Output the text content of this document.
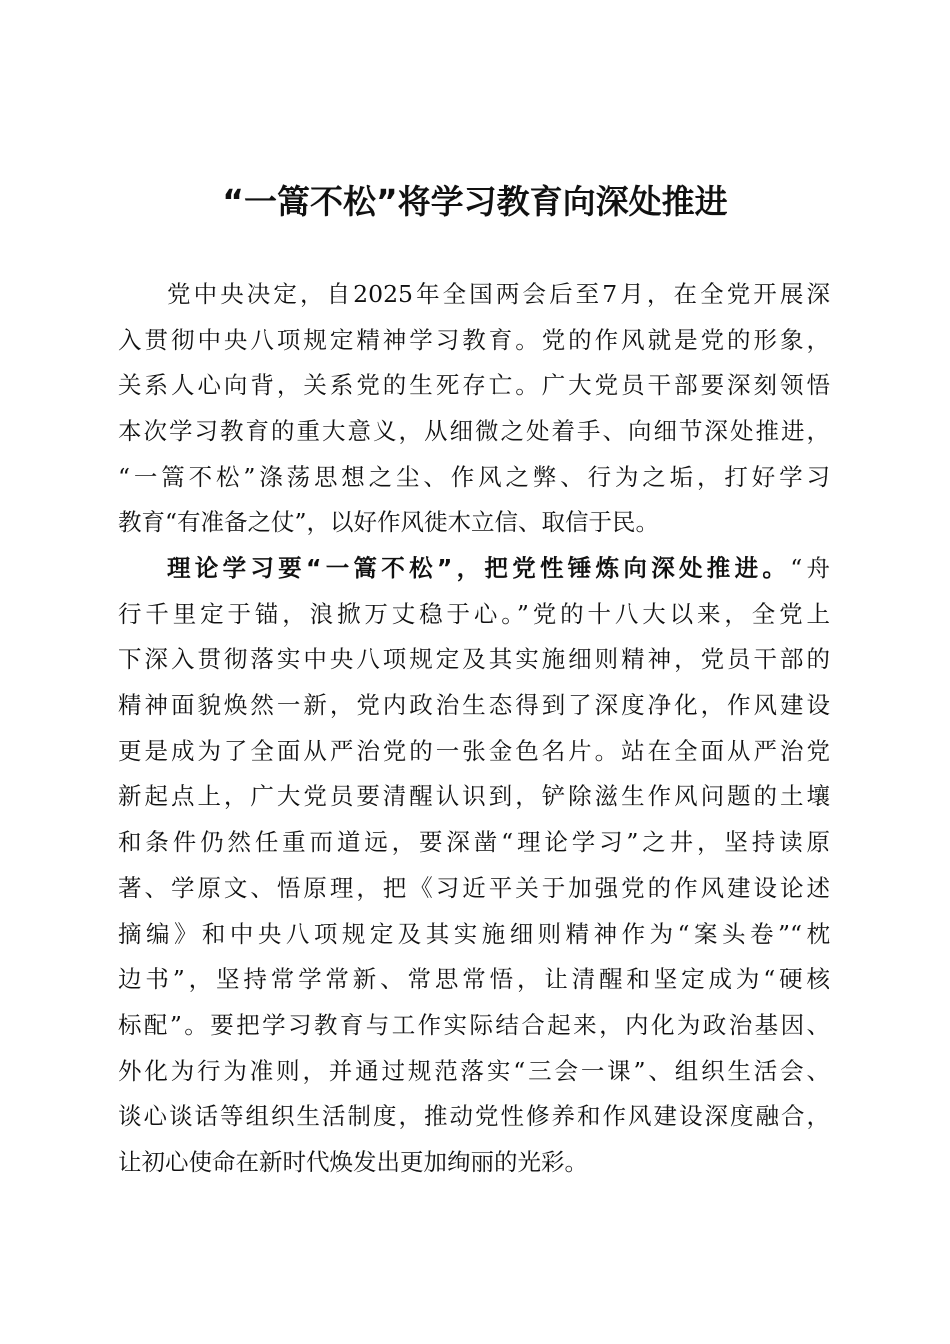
“一篙不松”将学习教育向深处推进
党中央决定，自2025年全国两会后至7月，在全党开展深
入贯彻中央八项规定精神学习教育。党的作风就是党的形象，
关系人心向背，关系党的生死存亡。广大党员干部要深刻领悟
本次学习教育的重大意义，从细微之处着手、向细节深处推进，
“一篙不松”涤荡思想之尘、作风之弊、行为之垢，打好学习
教育“有准备之仗”，以好作风徙木立信、取信于民。
理论学习要“一篙不松”，把党性锤炼向深处推进。“舟
行千里定于锚，浪掀万丈稳于心。”党的十八大以来，全党上
下深入贯彻落实中央八项规定及其实施细则精神，党员干部的
精神面貌焕然一新，党内政治生态得到了深度净化，作风建设
更是成为了全面从严治党的一张金色名片。站在全面从严治党
新起点上，广大党员要清醒认识到，铲除滋生作风问题的土壤
和条件仍然任重而道远，要深凿“理论学习”之井，坚持读原
著、学原文、悟原理，把《习近平关于加强党的作风建设论述
摘编》和中央八项规定及其实施细则精神作为“案头卷”“枕
边书”，坚持常学常新、常思常悟，让清醒和坚定成为“硬核
标配”。要把学习教育与工作实际结合起来，内化为政治基因、
外化为行为准则，并通过规范落实“三会一课”、组织生活会、
谈心谈话等组织生活制度，推动党性修养和作风建设深度融合，
让初心使命在新时代焕发出更加绚丽的光彩。
